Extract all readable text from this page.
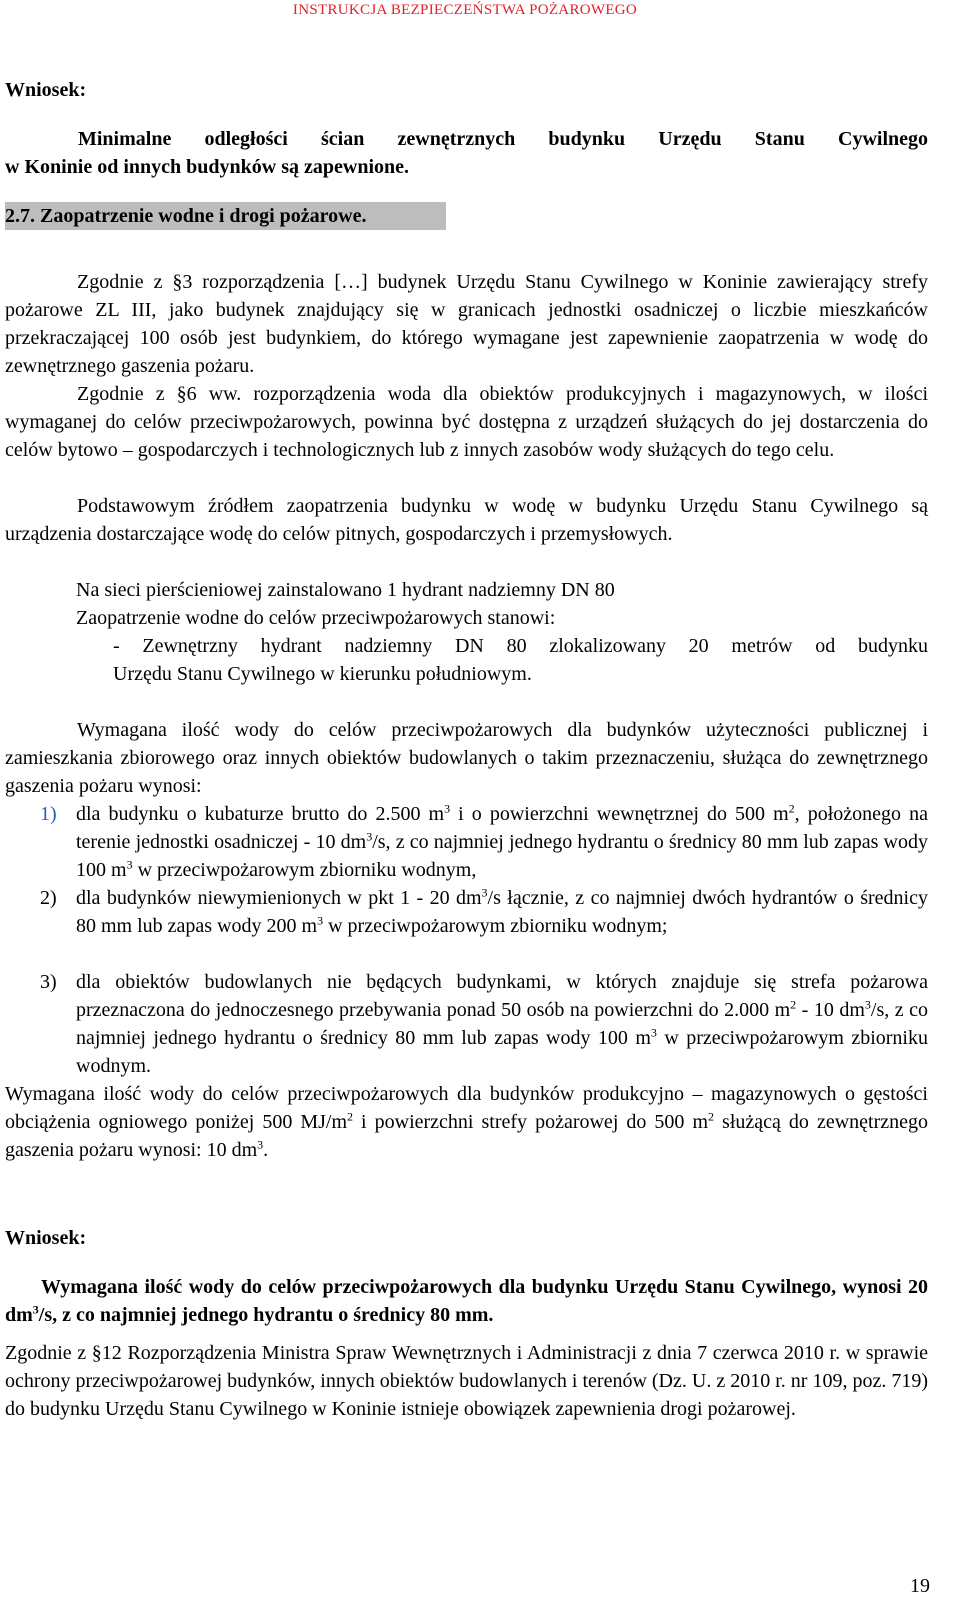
INSTRUKCJA BEZPIECZEŃSTWA POŻAROWEGO
Wniosek:
Minimalne odległości ścian zewnętrznych budynku Urzędu Stanu Cywilnego
w Koninie od innych budynków są zapewnione.
2.7. Zaopatrzenie wodne i drogi pożarowe.

Zgodnie z §3 rozporządzenia […] budynek Urzędu Stanu Cywilnego w Koninie zawierający strefy pożarowe ZL III, jako budynek znajdujący się w granicach jednostki osadniczej o liczbie mieszkańców przekraczającej 100 osób jest budynkiem, do którego wymagane jest zapewnienie zaopatrzenia w wodę do zewnętrznego gaszenia pożaru.

Zgodnie z §6 ww. rozporządzenia woda dla obiektów produkcyjnych i magazynowych, w ilości wymaganej do celów przeciwpożarowych, powinna być dostępna z urządzeń służących do jej dostarczenia do celów bytowo – gospodarczych i technologicznych lub z innych zasobów wody służących do tego celu.

Podstawowym źródłem zaopatrzenia budynku w wodę w budynku Urzędu Stanu Cywilnego są urządzenia dostarczające wodę do celów pitnych, gospodarczych i przemysłowych.

Na sieci pierścieniowej zainstalowano 1 hydrant nadziemny DN 80
Zaopatrzenie wodne do celów przeciwpożarowych stanowi:
- Zewnętrzny hydrant nadziemny DN 80 zlokalizowany 20 metrów od budynku
Urzędu Stanu Cywilnego w kierunku południowym.

Wymagana ilość wody do celów przeciwpożarowych dla budynków użyteczności publicznej i zamieszkania zbiorowego oraz innych obiektów budowlanych o takim przeznaczeniu, służąca do zewnętrznego gaszenia pożaru wynosi:

1) dla budynku o kubaturze brutto do 2.500 $m^3$ i o powierzchni wewnętrznej do 500 $m^2$, położonego na terenie jednostki osadniczej - 10 $dm^3/s$, z co najmniej jednego hydrantu o średnicy 80 mm lub zapas wody 100 $m^3$ w przeciwpożarowym zbiorniku wodnym,
2) dla budynków niewymienionych w pkt 1 - 20 $dm^3/s$ łącznie, z co najmniej dwóch hydrantów o średnicy 80 mm lub zapas wody 200 $m^3$ w przeciwpożarowym zbiorniku wodnym;
3) dla obiektów budowlanych nie będących budynkami, w których znajduje się strefa pożarowa przeznaczona do jednoczesnego przebywania ponad 50 osób na powierzchni do 2.000 $m^2 - 10$ $dm^3/s$, z co najmniej jednego hydrantu o średnicy 80 mm lub zapas wody 100 $m^3$ w przeciwpożarowym zbiorniku wodnym.

Wymagana ilość wody do celów przeciwpożarowych dla budynków produkcyjno – magazynowych o gęstości obciążenia ogniowego poniżej 500 $MJ/m^2$ i powierzchni strefy pożarowej do 500 $m^2$ służącą do zewnętrznego gaszenia pożaru wynosi: 10 $dm^3$.

Wniosek:

Wymagana ilość wody do celów przeciwpożarowych dla budynku Urzędu Stanu Cywilnego, wynosi 20 $dm^3/s$, z co najmniej jednego hydrantu o średnicy 80 mm.

Zgodnie z §12 Rozporządzenia Ministra Spraw Wewnętrznych i Administracji z dnia 7 czerwca 2010 r. w sprawie ochrony przeciwpożarowej budynków, innych obiektów budowlanych i terenów (Dz. U. z 2010 r. nr 109, poz. 719) do budynku Urzędu Stanu Cywilnego w Koninie istnieje obowiązek zapewnienia drogi pożarowej.

19
